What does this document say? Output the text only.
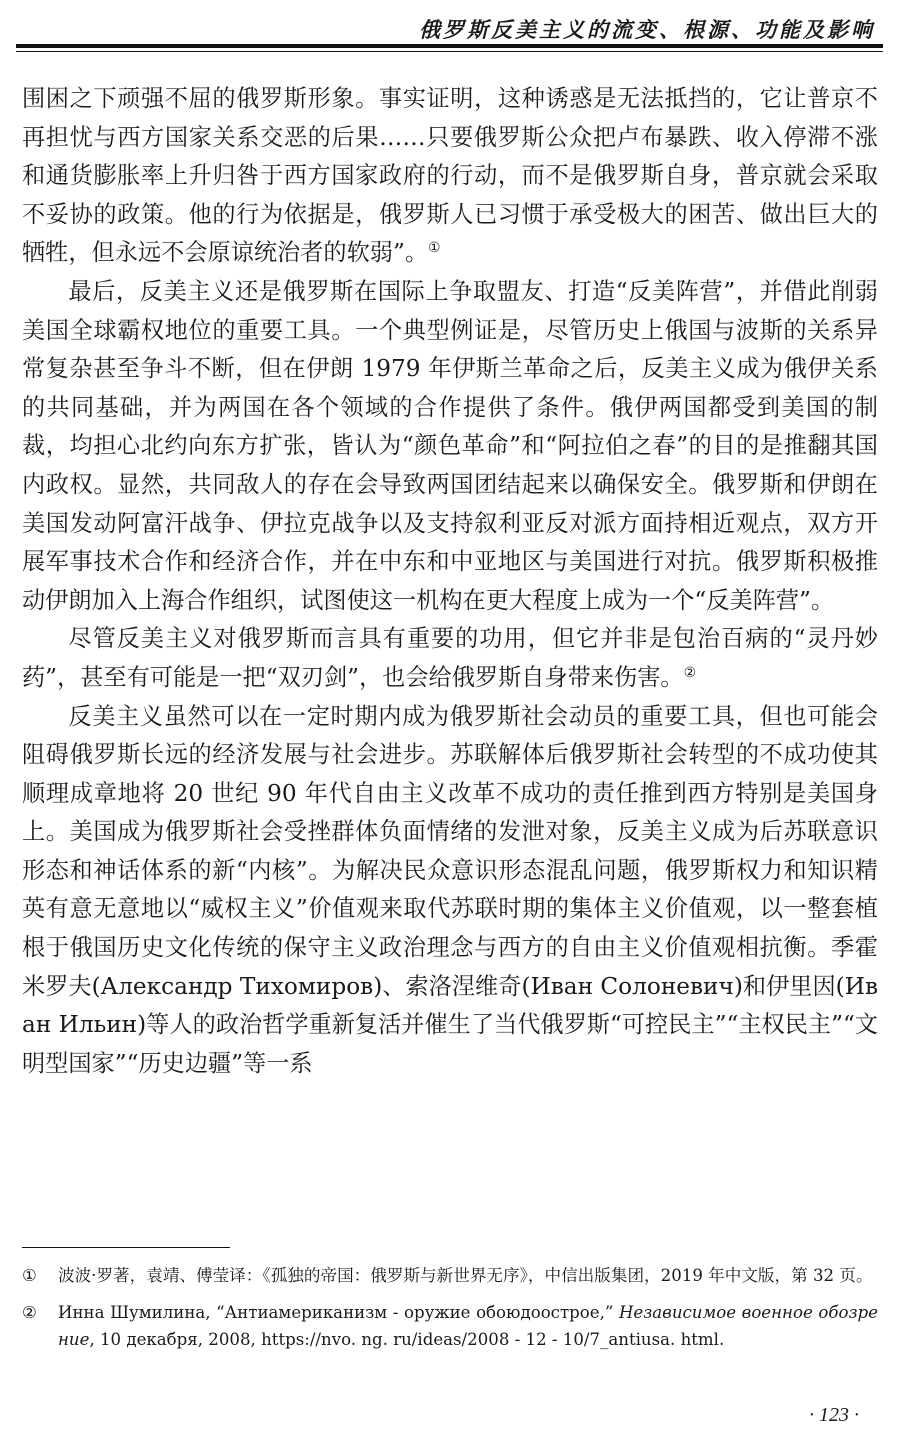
俄罗斯反美主义的流变、根源、功能及影响

围困之下顽强不屈的俄罗斯形象。事实证明，这种诱惑是无法抵挡的，它让普京不再担忧与西方国家关系交恶的后果……只要俄罗斯公众把卢布暴跌、收入停滞不涨和通货膨胀率上升归咎于西方国家政府的行动，而不是俄罗斯自身，普京就会采取不妥协的政策。他的行为依据是，俄罗斯人已习惯于承受极大的困苦、做出巨大的牺牲，但永远不会原谅统治者的软弱”。①

最后，反美主义还是俄罗斯在国际上争取盟友、打造“反美阵营”，并借此削弱美国全球霸权地位的重要工具。一个典型例证是，尽管历史上俄国与波斯的关系异常复杂甚至争斗不断，但在伊朗 1979 年伊斯兰革命之后，反美主义成为俄伊关系的共同基础，并为两国在各个领域的合作提供了条件。俄伊两国都受到美国的制裁，均担心北约向东方扩张，皆认为“颜色革命”和“阿拉伯之春”的目的是推翻其国内政权。显然，共同敌人的存在会导致两国团结起来以确保安全。俄罗斯和伊朗在美国发动阿富汗战争、伊拉克战争以及支持叙利亚反对派方面持相近观点，双方开展军事技术合作和经济合作，并在中东和中亚地区与美国进行对抗。俄罗斯积极推动伊朗加入上海合作组织，试图使这一机构在更大程度上成为一个“反美阵营”。

尽管反美主义对俄罗斯而言具有重要的功用，但它并非是包治百病的“灵丹妙药”，甚至有可能是一把“双刃剑”，也会给俄罗斯自身带来伤害。②

反美主义虽然可以在一定时期内成为俄罗斯社会动员的重要工具，但也可能会阻碍俄罗斯长远的经济发展与社会进步。苏联解体后俄罗斯社会转型的不成功使其顺理成章地将 20 世纪 90 年代自由主义改革不成功的责任推到西方特别是美国身上。美国成为俄罗斯社会受挫群体负面情绪的发泄对象，反美主义成为后苏联意识形态和神话体系的新“内核”。为解决民众意识形态混乱问题，俄罗斯权力和知识精英有意无意地以“威权主义”价值观来取代苏联时期的集体主义价值观，以一整套植根于俄国历史文化传统的保守主义政治理念与西方的自由主义价值观相抗衡。季霍米罗夫(Александр Тихомиров)、索洛涅维奇(Иван Солоневич)和伊里因(Иван Ильин)等人的政治哲学重新复活并催生了当代俄罗斯“可控民主”“主权民主”“文明型国家”“历史边疆”等一系

①	波波·罗著，袁靖、傅莹译：《孤独的帝国：俄罗斯与新世界无序》，中信出版集团，2019 年中文版，第 32 页。
②	Инна Шумилина, “Антиамериканизм - оружие обоюдоострое,” Независимое военное обозрение, 10 декабря, 2008, https://nvo. ng. ru/ideas/2008 - 12 - 10/7_antiusa. html.
· 123 ·
